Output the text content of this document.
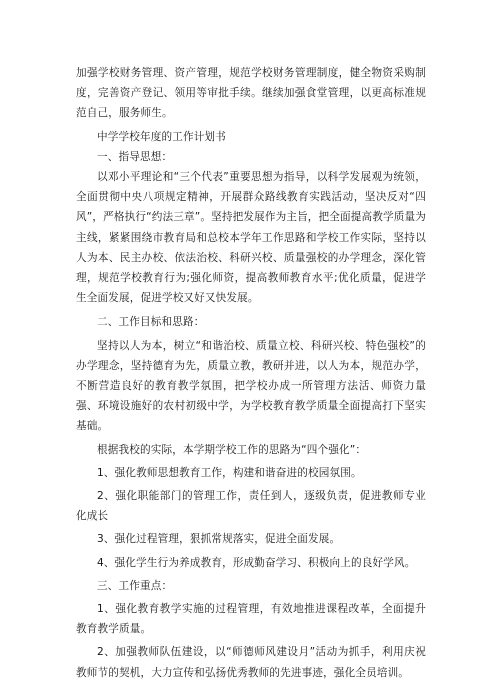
加强学校财务管理、资产管理，规范学校财务管理制度，健全物资采购制度，完善资产登记、领用等审批手续。继续加强食堂管理，以更高标准规范自己，服务师生。

中学学校年度的工作计划书

一、指导思想：

以邓小平理论和“三个代表”重要思想为指导，以科学发展观为统领，全面贯彻中央八项规定精神，开展群众路线教育实践活动，坚决反对“四风”，严格执行“约法三章”。坚持把发展作为主旨，把全面提高教学质量为主线，紧紧围绕市教育局和总校本学年工作思路和学校工作实际，坚持以人为本、民主办校、依法治校、科研兴校、质量强校的办学理念，深化管理，规范学校教育行为;强化师资，提高教师教育水平;优化质量，促进学生全面发展，促进学校又好又快发展。

二、工作目标和思路：

坚持以人为本，树立“和谐治校、质量立校、科研兴校、特色强校”的办学理念，坚持德育为先，质量立教，教研并进，以人为本，规范办学，不断营造良好的教育教学氛围，把学校办成一所管理方法活、师资力量强、环境设施好的农村初级中学，为学校教育教学质量全面提高打下坚实基础。

根据我校的实际，本学期学校工作的思路为“四个强化”：

1、强化教师思想教育工作，构建和谐奋进的校园氛围。

2、强化职能部门的管理工作，责任到人，逐级负责，促进教师专业化成长

3、强化过程管理，狠抓常规落实，促进全面发展。

4、强化学生行为养成教育，形成勤奋学习、积极向上的良好学风。

三、工作重点：

1、强化教育教学实施的过程管理，有效地推进课程改革，全面提升教育教学质量。

2、加强教师队伍建设，以“师德师风建设月”活动为抓手，利用庆祝教师节的契机，大力宣传和弘扬优秀教师的先进事迹，强化全员培训。
